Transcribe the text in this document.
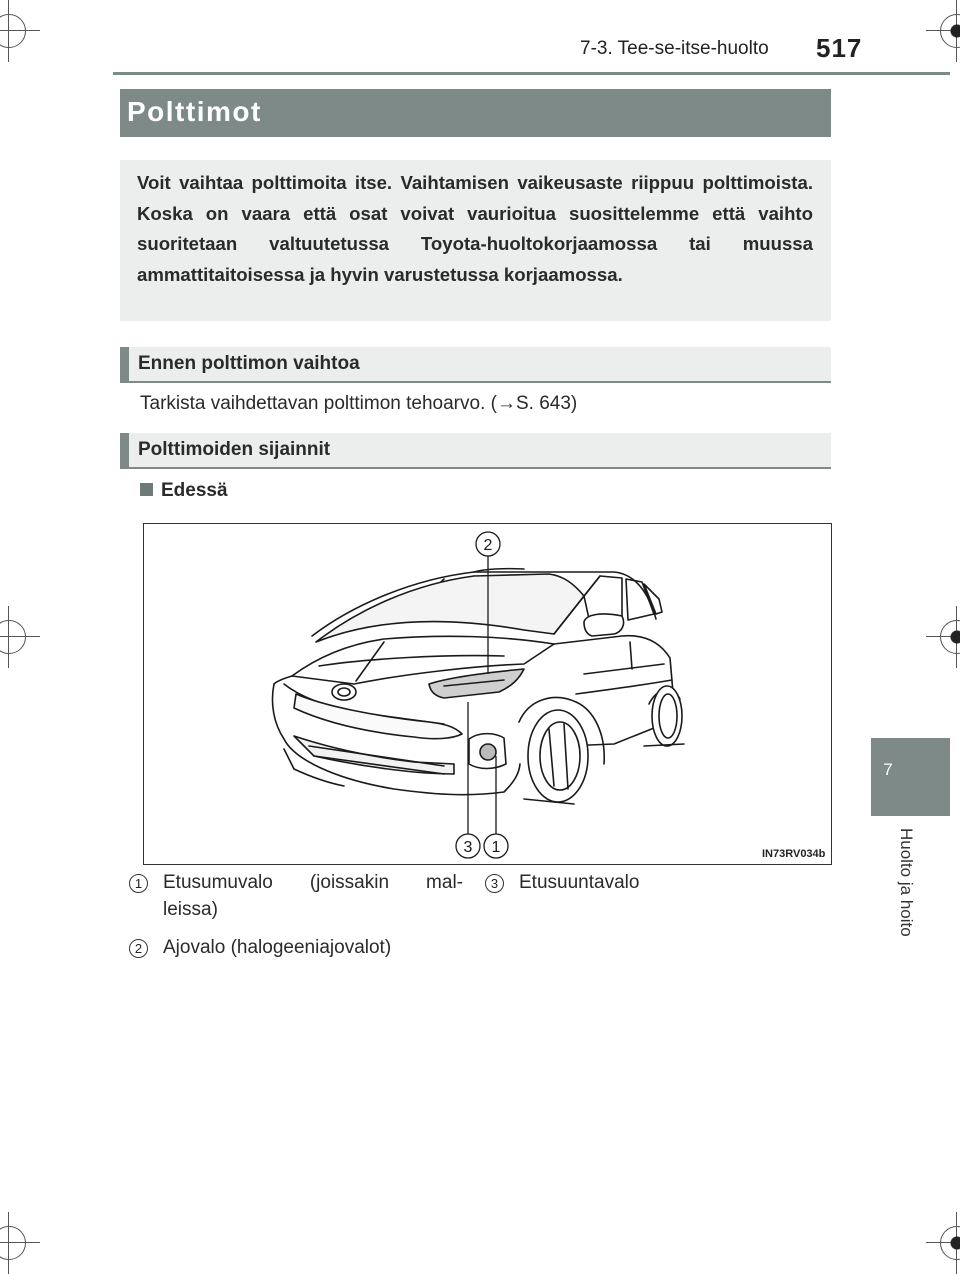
7-3. Tee-se-itse-huolto 517
7
Huolto ja hoito
Polttimot
Voit vaihtaa polttimoita itse. Vaihtamisen vaikeusaste riippuu polttimoista. Koska on vaara että osat voivat vaurioitua suosittelemme että vaihto suoritetaan valtuutetussa Toyota-huoltokorjaamossa tai muussa ammattitaitoisessa ja hyvin varustetussa korjaamossa.
Ennen polttimon vaihtoa
Tarkista vaihdettavan polttimon tehoarvo. (→S. 643)
Polttimoiden sijainnit
Edessä
2
3 1	IN73RV034b
1	Etusumuvalo (joissakin mal-
leissa)
2	Ajovalo (halogeeniajovalot)
3	Etusuuntavalo
